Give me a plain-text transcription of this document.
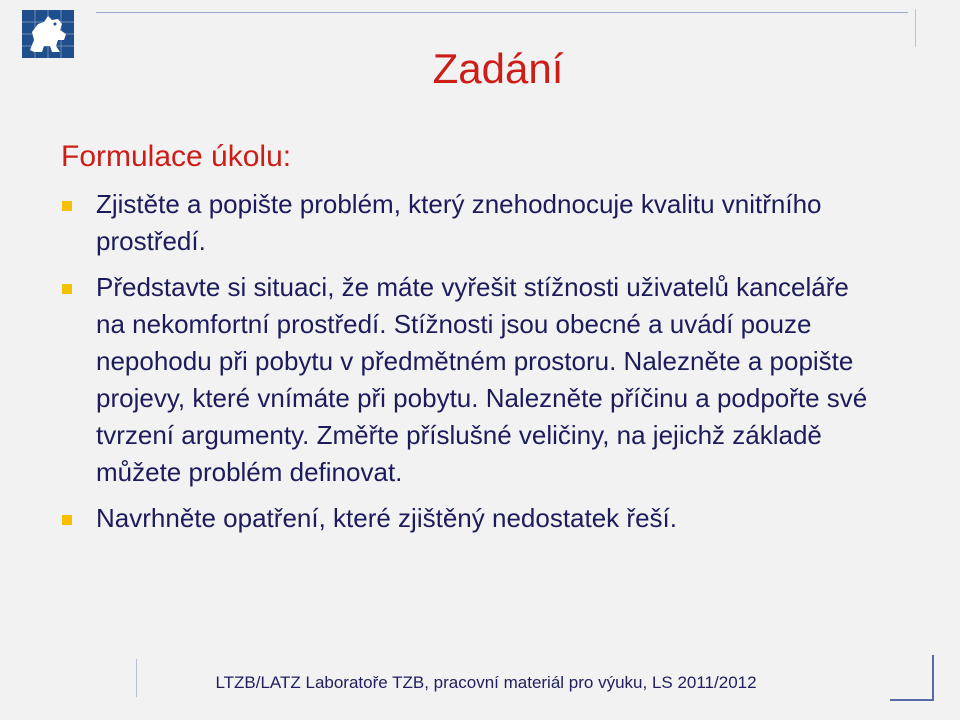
Zadání
Formulace úkolu:
Zjistěte a popište problém, který znehodnocuje kvalitu vnitřního prostředí.
Představte si situaci, že máte vyřešit stížnosti uživatelů kanceláře na nekomfortní prostředí. Stížnosti jsou obecné a uvádí pouze nepohodu při pobytu v předmětném prostoru. Nalezněte a popište projevy, které vnímáte při pobytu. Nalezněte příčinu a podpořte své tvrzení argumenty. Změřte příslušné veličiny, na jejichž základě můžete problém definovat.
Navrhněte opatření, které zjištěný nedostatek řeší.
LTZB/LATZ Laboratoře TZB, pracovní materiál pro výuku, LS 2011/2012
